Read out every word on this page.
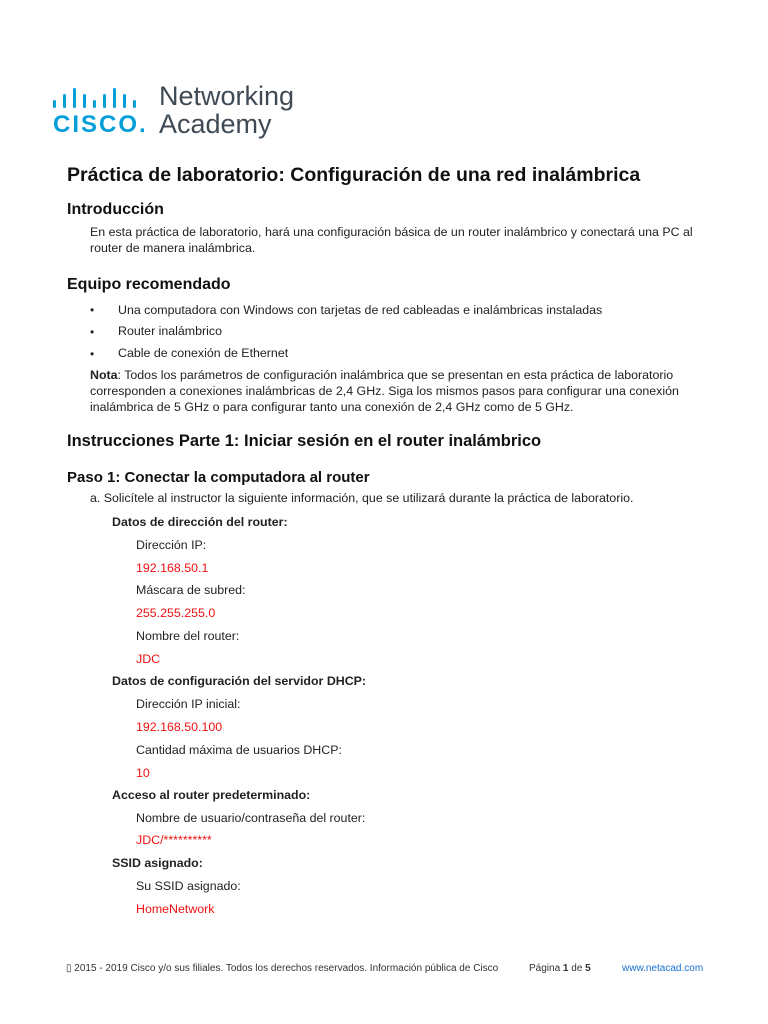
CISCO.
Networking
Academy
Práctica de laboratorio: Configuración de una red inalámbrica
Introducción
En esta práctica de laboratorio, hará una configuración básica de un router inalámbrico y conectará una PC al
router de manera inalámbrica.
Equipo recomendado
• Una computadora con Windows con tarjetas de red cableadas e inalámbricas instaladas
• Router inalámbrico
• Cable de conexión de Ethernet
Nota: Todos los parámetros de configuración inalámbrica que se presentan en esta práctica de laboratorio
corresponden a conexiones inalámbricas de 2,4 GHz. Siga los mismos pasos para configurar una conexión
inalámbrica de 5 GHz o para configurar tanto una conexión de 2,4 GHz como de 5 GHz.
Instrucciones Parte 1: Iniciar sesión en el router inalámbrico
Paso 1: Conectar la computadora al router
a. Solicítele al instructor la siguiente información, que se utilizará durante la práctica de laboratorio.
Datos de dirección del router:
Dirección IP:
192.168.50.1
Máscara de subred:
255.255.255.0
Nombre del router:
JDC
Datos de configuración del servidor DHCP:
Dirección IP inicial:
192.168.50.100
Cantidad máxima de usuarios DHCP:
10
Acceso al router predeterminado:
Nombre de usuario/contraseña del router:
JDC/**********
SSID asignado:
Su SSID asignado:
HomeNetwork
▯ 2015 - 2019 Cisco y/o sus filiales. Todos los derechos reservados. Información pública de Cisco	Página 1 de 5	www.netacad.com
